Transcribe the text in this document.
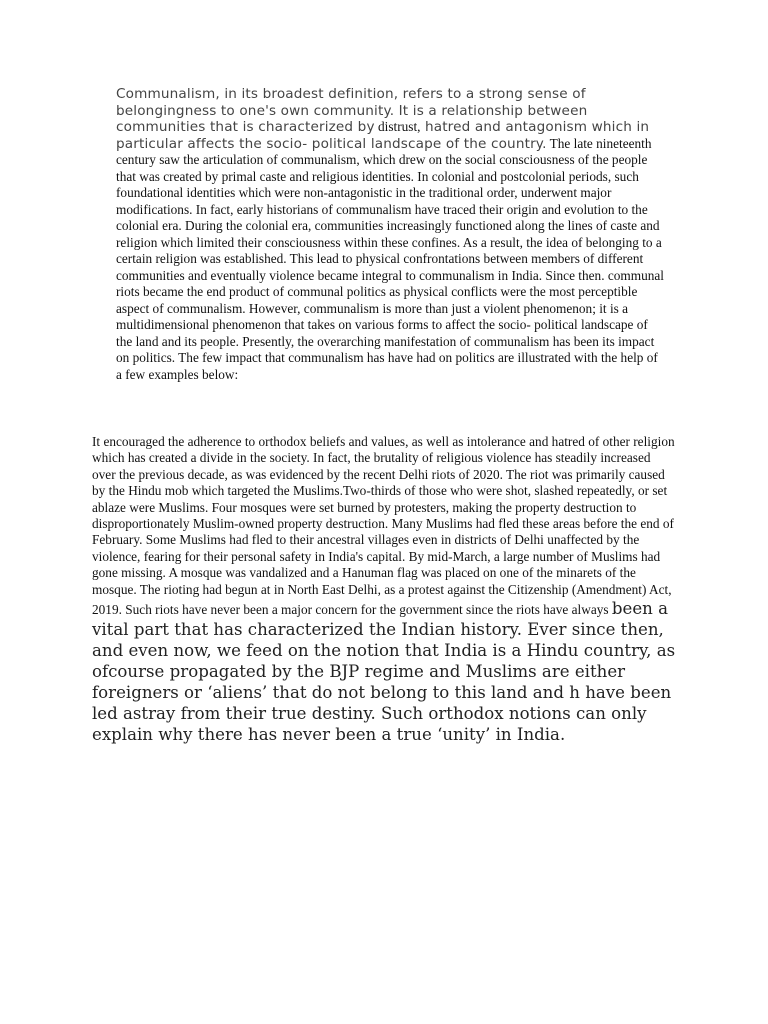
Communalism, in its broadest definition, refers to a strong sense of belongingness to one's own community. It is a relationship between communities that is characterized by distrust, hatred and antagonism which in particular affects the socio- political landscape of the country. The late nineteenth century saw the articulation of communalism, which drew on the social consciousness of the people that was created by primal caste and religious identities. In colonial and postcolonial periods, such foundational identities which were non-antagonistic in the traditional order, underwent major modifications. In fact, early historians of communalism have traced their origin and evolution to the colonial era. During the colonial era, communities increasingly functioned along the lines of caste and religion which limited their consciousness within these confines. As a result, the idea of belonging to a certain religion was established. This lead to physical confrontations between members of different communities and eventually violence became integral to communalism in India. Since then. communal riots became the end product of communal politics as physical conflicts were the most perceptible aspect of communalism. However, communalism is more than just a violent phenomenon; it is a multidimensional phenomenon that takes on various forms to affect the socio- political landscape of the land and its people. Presently, the overarching manifestation of communalism has been its impact on politics. The few impact that communalism has have had on politics are illustrated with the help of a few examples below:

It encouraged the adherence to orthodox beliefs and values, as well as intolerance and hatred of other religion which has created a divide in the society. In fact, the brutality of religious violence has steadily increased over the previous decade, as was evidenced by the recent Delhi riots of 2020. The riot was primarily caused by the Hindu mob which targeted the Muslims.Two-thirds of those who were shot, slashed repeatedly, or set ablaze were Muslims. Four mosques were set burned by protesters, making the property destruction to disproportionately Muslim-owned property destruction. Many Muslims had fled these areas before the end of February. Some Muslims had fled to their ancestral villages even in districts of Delhi unaffected by the violence, fearing for their personal safety in India's capital. By mid-March, a large number of Muslims had gone missing. A mosque was vandalized and a Hanuman flag was placed on one of the minarets of the mosque. The rioting had begun at in North East Delhi, as a protest against the Citizenship (Amendment) Act, 2019. Such riots have never been a major concern for the government since the riots have always been a vital part that has characterized the Indian history. Ever since then, and even now, we feed on the notion that India is a Hindu country, as ofcourse propagated by the BJP regime and Muslims are either foreigners or ‘aliens’ that do not belong to this land and h have been led astray from their true destiny. Such orthodox notions can only explain why there has never been a true ‘unity’ in India.
